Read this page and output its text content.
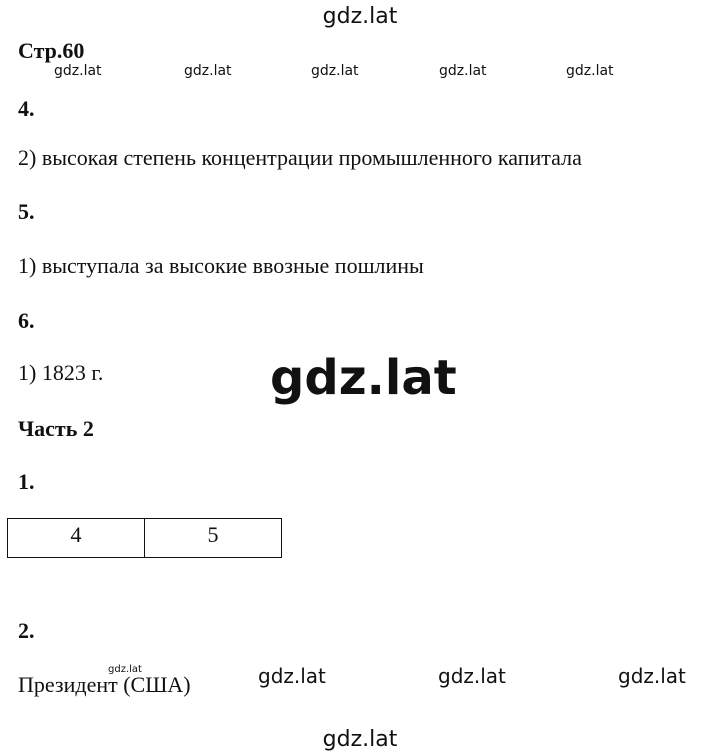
gdz.lat
Стр.60
gdz.lat	gdz.lat	gdz.lat	gdz.lat	gdz.lat
4.
2) высокая степень концентрации промышленного капитала
5.
1) выступала за высокие ввозные пошлины
6.
1) 1823 г.	gdz.lat
Часть 2
1.
4	5
2.
gdz.lat
Президент (США)	gdz.lat	gdz.lat	gdz.lat
gdz.lat
